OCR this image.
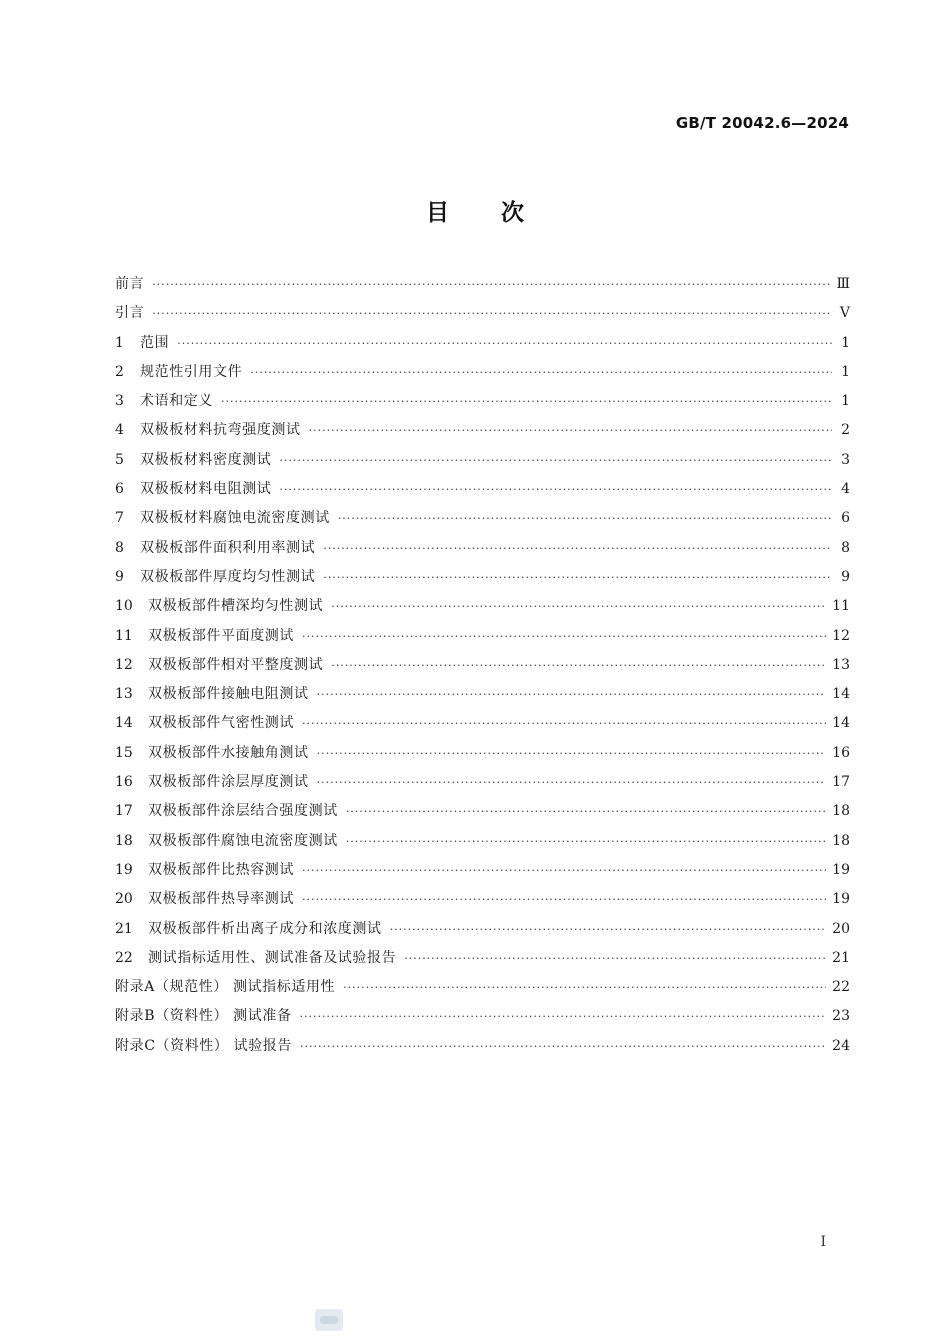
GB/T 20042.6—2024
目次
前言 ·····	Ⅲ
引言 ·····	Ⅴ
1	范围 ·····	1
2	规范性引用文件 ·····	1
3	术语和定义 ·····	1
4	双极板材料抗弯强度测试 ·····	2
5	双极板材料密度测试 ·····	3
6	双极板材料电阻测试 ·····	4
7	双极板材料腐蚀电流密度测试 ·····	6
8	双极板部件面积利用率测试 ·····	8
9	双极板部件厚度均匀性测试 ·····	9
10	双极板部件槽深均匀性测试 ·····	11
11	双极板部件平面度测试 ·····	12
12	双极板部件相对平整度测试 ·····	13
13	双极板部件接触电阻测试 ·····	14
14	双极板部件气密性测试 ·····	14
15	双极板部件水接触角测试 ·····	16
16	双极板部件涂层厚度测试 ·····	17
17	双极板部件涂层结合强度测试 ·····	18
18	双极板部件腐蚀电流密度测试 ·····	18
19	双极板部件比热容测试 ·····	19
20	双极板部件热导率测试 ·····	19
21	双极板部件析出离子成分和浓度测试 ·····	20
22	测试指标适用性、测试准备及试验报告 ·····	21
附录A（规范性） 测试指标适用性 ·····	22
附录B（资料性） 测试准备 ·····	23
附录C（资料性） 试验报告 ·····	24
Ⅰ
